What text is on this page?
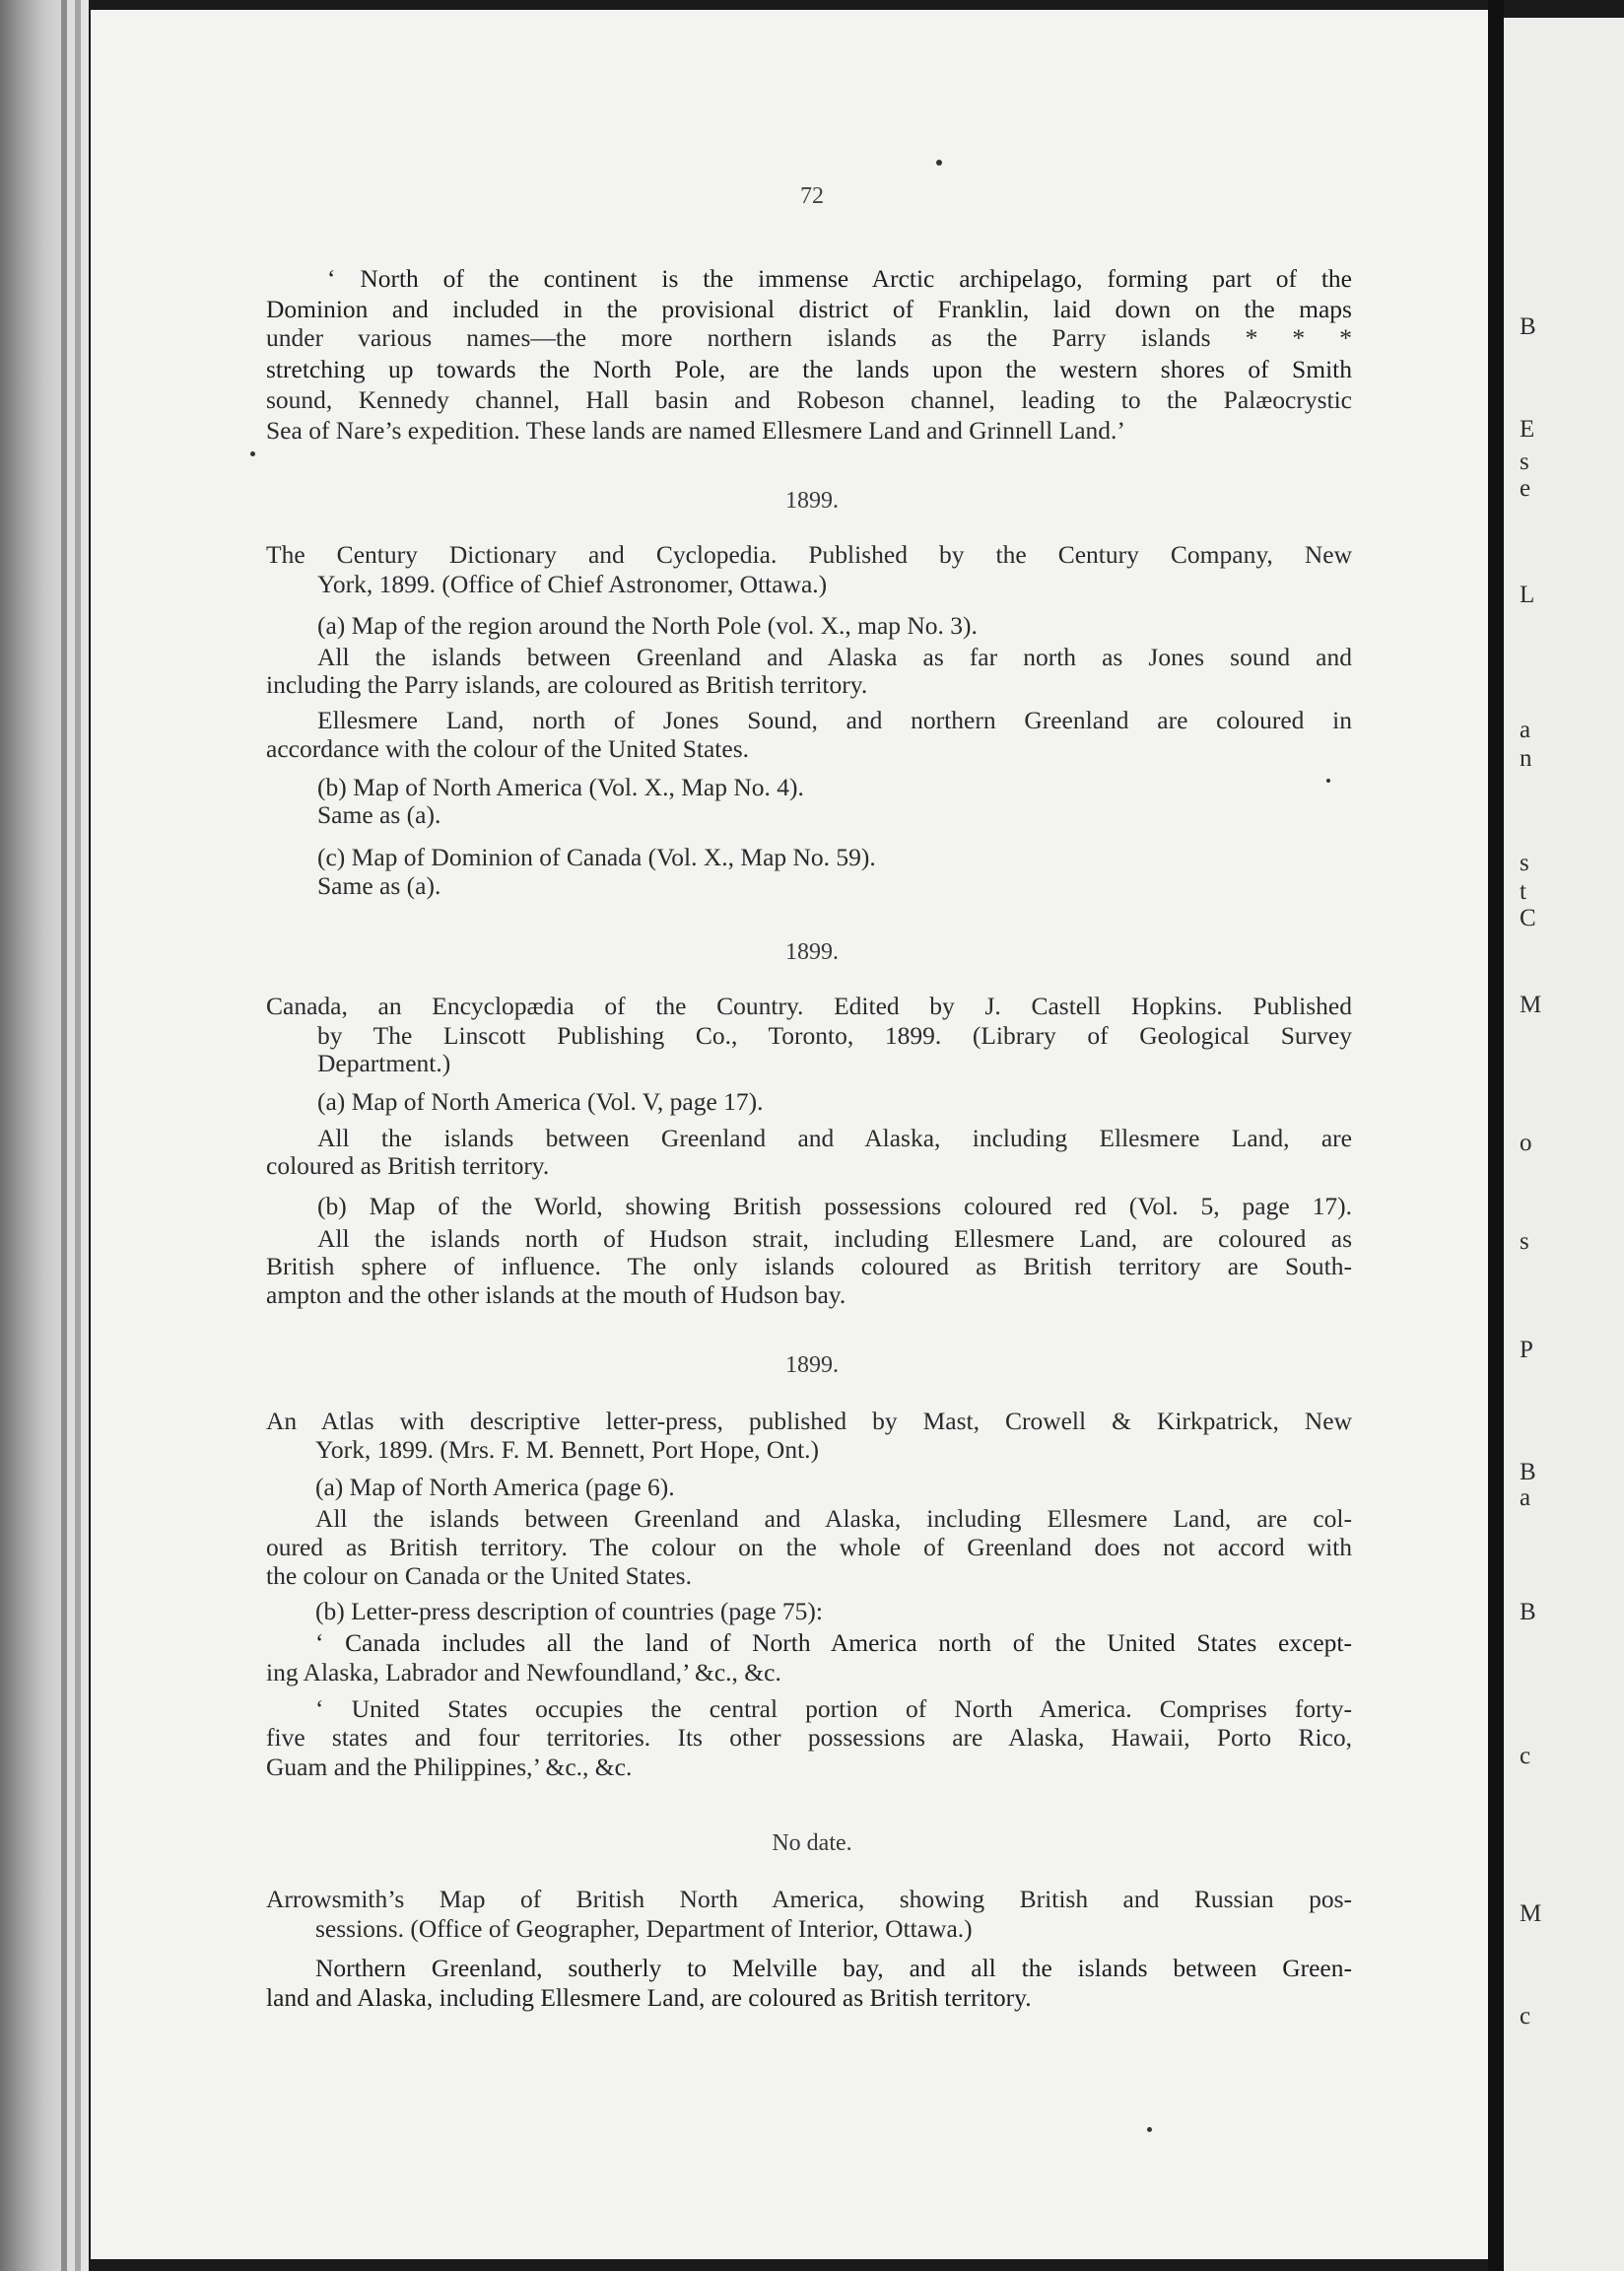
B
E
s
e
L
a
n
s
t
C
M
o
s
P
B
a
B
c
M
c
72
‘ North of the continent is the immense Arctic archipelago, forming part of the
Dominion and included in the provisional district of Franklin, laid down on the maps
under various names—the more northern islands as the Parry islands * * *
stretching up towards the North Pole, are the lands upon the western shores of Smith
sound, Kennedy channel, Hall basin and Robeson channel, leading to the Palæocrystic
Sea of Nare’s expedition. These lands are named Ellesmere Land and Grinnell Land.’
1899.
The Century Dictionary and Cyclopedia. Published by the Century Company, New
York, 1899. (Office of Chief Astronomer, Ottawa.)
(a) Map of the region around the North Pole (vol. X., map No. 3).
All the islands between Greenland and Alaska as far north as Jones sound and
including the Parry islands, are coloured as British territory.
Ellesmere Land, north of Jones Sound, and northern Greenland are coloured in
accordance with the colour of the United States.
(b) Map of North America (Vol. X., Map No. 4).
Same as (a).
(c) Map of Dominion of Canada (Vol. X., Map No. 59).
Same as (a).
1899.
Canada, an Encyclopædia of the Country. Edited by J. Castell Hopkins. Published
by The Linscott Publishing Co., Toronto, 1899. (Library of Geological Survey
Department.)
(a) Map of North America (Vol. V, page 17).
All the islands between Greenland and Alaska, including Ellesmere Land, are
coloured as British territory.
(b) Map of the World, showing British possessions coloured red (Vol. 5, page 17).
All the islands north of Hudson strait, including Ellesmere Land, are coloured as
British sphere of influence. The only islands coloured as British territory are South-
ampton and the other islands at the mouth of Hudson bay.
1899.
An Atlas with descriptive letter-press, published by Mast, Crowell & Kirkpatrick, New
York, 1899. (Mrs. F. M. Bennett, Port Hope, Ont.)
(a) Map of North America (page 6).
All the islands between Greenland and Alaska, including Ellesmere Land, are col-
oured as British territory. The colour on the whole of Greenland does not accord with
the colour on Canada or the United States.
(b) Letter-press description of countries (page 75):
‘ Canada includes all the land of North America north of the United States except-
ing Alaska, Labrador and Newfoundland,’ &c., &c.
‘ United States occupies the central portion of North America. Comprises forty-
five states and four territories. Its other possessions are Alaska, Hawaii, Porto Rico,
Guam and the Philippines,’ &c., &c.
No date.
Arrowsmith’s Map of British North America, showing British and Russian pos-
sessions. (Office of Geographer, Department of Interior, Ottawa.)
Northern Greenland, southerly to Melville bay, and all the islands between Green-
land and Alaska, including Ellesmere Land, are coloured as British territory.
